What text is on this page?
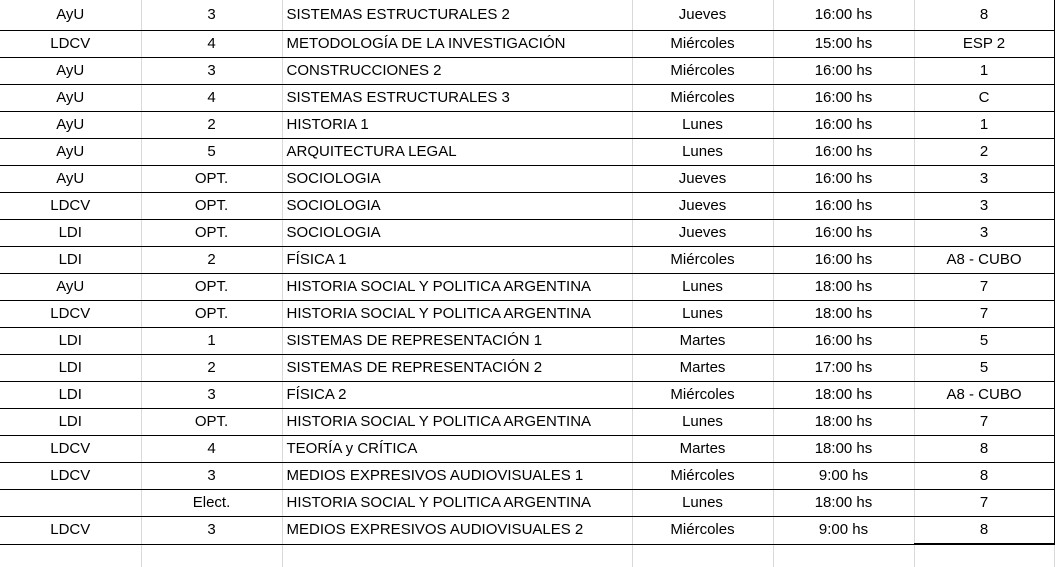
AyU	3	SISTEMAS ESTRUCTURALES 2	Jueves	16:00 hs	8
LDCV	4	METODOLOGÍA DE LA INVESTIGACIÓN	Miércoles	15:00 hs	ESP 2
AyU	3	CONSTRUCCIONES 2	Miércoles	16:00 hs	1
AyU	4	SISTEMAS ESTRUCTURALES 3	Miércoles	16:00 hs	C
AyU	2	HISTORIA 1	Lunes	16:00 hs	1
AyU	5	ARQUITECTURA LEGAL	Lunes	16:00 hs	2
AyU	OPT.	SOCIOLOGIA	Jueves	16:00 hs	3
LDCV	OPT.	SOCIOLOGIA	Jueves	16:00 hs	3
LDI	OPT.	SOCIOLOGIA	Jueves	16:00 hs	3
LDI	2	FÍSICA 1	Miércoles	16:00 hs	A8 - CUBO
AyU	OPT.	HISTORIA SOCIAL Y POLITICA ARGENTINA	Lunes	18:00 hs	7
LDCV	OPT.	HISTORIA SOCIAL Y POLITICA ARGENTINA	Lunes	18:00 hs	7
LDI	1	SISTEMAS DE REPRESENTACIÓN 1	Martes	16:00 hs	5
LDI	2	SISTEMAS DE REPRESENTACIÓN 2	Martes	17:00 hs	5
LDI	3	FÍSICA 2	Miércoles	18:00 hs	A8 - CUBO
LDI	OPT.	HISTORIA SOCIAL Y POLITICA ARGENTINA	Lunes	18:00 hs	7
LDCV	4	TEORÍA y CRÍTICA	Martes	18:00 hs	8
LDCV	3	MEDIOS EXPRESIVOS AUDIOVISUALES 1	Miércoles	9:00 hs	8
	Elect.	HISTORIA SOCIAL Y POLITICA ARGENTINA	Lunes	18:00 hs	7
LDCV	3	MEDIOS EXPRESIVOS AUDIOVISUALES 2	Miércoles	9:00 hs	8
